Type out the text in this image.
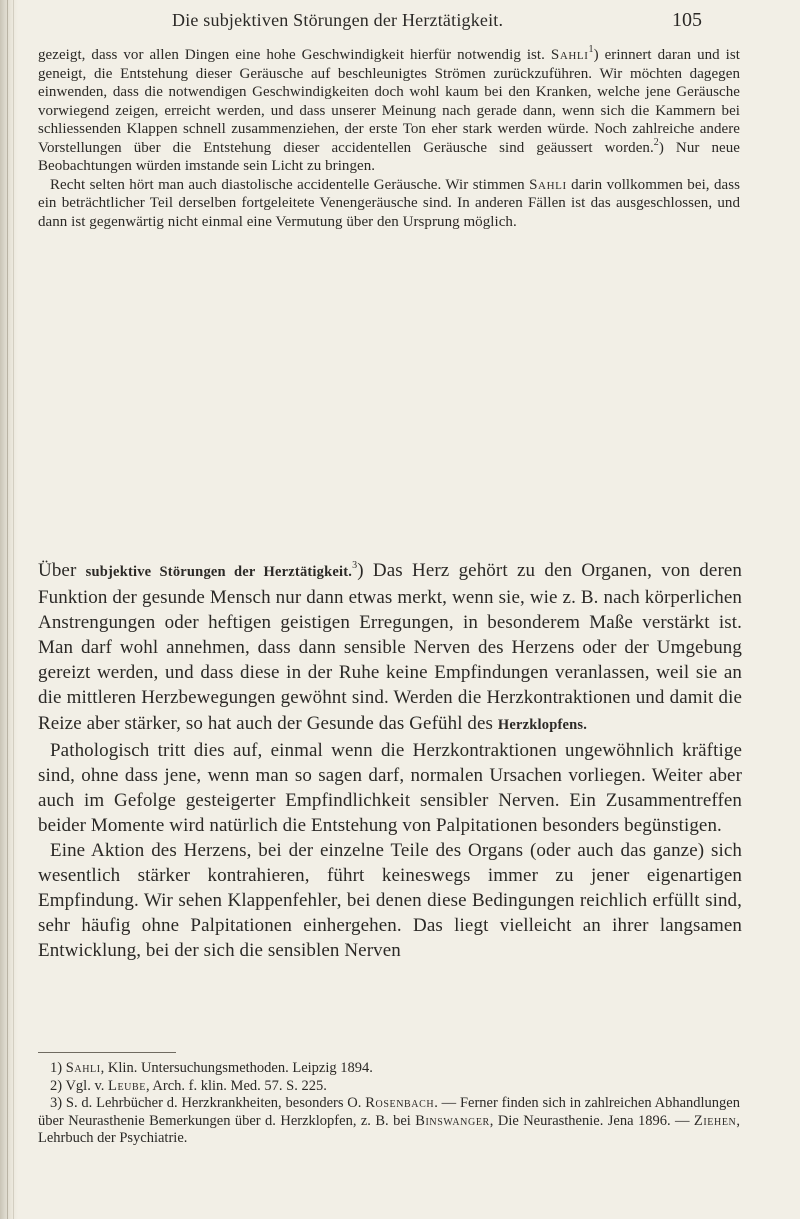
Die subjektiven Störungen der Herztätigkeit.	105

gezeigt, dass vor allen Dingen eine hohe Geschwindigkeit hierfür notwendig ist. Sahli$^1$) erinnert daran und ist geneigt, die Entstehung dieser Geräusche auf beschleunigtes Strömen zurückzuführen. Wir möchten dagegen einwenden, dass die notwendigen Geschwindigkeiten doch wohl kaum bei den Kranken, welche jene Geräusche vorwiegend zeigen, erreicht werden, und dass unserer Meinung nach gerade dann, wenn sich die Kammern bei schliessenden Klappen schnell zusammenziehen, der erste Ton eher stark werden würde. Noch zahlreiche andere Vorstellungen über die Entstehung dieser accidentellen Geräusche sind geäussert worden.$^2$) Nur neue Beobachtungen würden imstande sein Licht zu bringen.

Recht selten hört man auch diastolische accidentelle Geräusche. Wir stimmen Sahli darin vollkommen bei, dass ein beträchtlicher Teil derselben fortgeleitete Venengeräusche sind. In anderen Fällen ist das ausgeschlossen, und dann ist gegenwärtig nicht einmal eine Vermutung über den Ursprung möglich.

Über subjektive Störungen der Herztätigkeit.$^3$) Das Herz gehört zu den Organen, von deren Funktion der gesunde Mensch nur dann etwas merkt, wenn sie, wie z. B. nach körperlichen Anstrengungen oder heftigen geistigen Erregungen, in besonderem Maße verstärkt ist. Man darf wohl annehmen, dass dann sensible Nerven des Herzens oder der Umgebung gereizt werden, und dass diese in der Ruhe keine Empfindungen veranlassen, weil sie an die mittleren Herzbewegungen gewöhnt sind. Werden die Herzkontraktionen und damit die Reize aber stärker, so hat auch der Gesunde das Gefühl des Herzklopfens.

Pathologisch tritt dies auf, einmal wenn die Herzkontraktionen ungewöhnlich kräftige sind, ohne dass jene, wenn man so sagen darf, normalen Ursachen vorliegen. Weiter aber auch im Gefolge gesteigerter Empfindlichkeit sensibler Nerven. Ein Zusammentreffen beider Momente wird natürlich die Entstehung von Palpitationen besonders begünstigen.

Eine Aktion des Herzens, bei der einzelne Teile des Organs (oder auch das ganze) sich wesentlich stärker kontrahieren, führt keineswegs immer zu jener eigenartigen Empfindung. Wir sehen Klappenfehler, bei denen diese Bedingungen reichlich erfüllt sind, sehr häufig ohne Palpitationen einhergehen. Das liegt vielleicht an ihrer langsamen Entwicklung, bei der sich die sensiblen Nerven

1) Sahli, Klin. Untersuchungsmethoden. Leipzig 1894.

2) Vgl. v. Leube, Arch. f. klin. Med. 57. S. 225.

3) S. d. Lehrbücher d. Herzkrankheiten, besonders O. Rosenbach. — Ferner finden sich in zahlreichen Abhandlungen über Neurasthenie Bemerkungen über d. Herzklopfen, z. B. bei Binswanger, Die Neurasthenie. Jena 1896. — Ziehen, Lehrbuch der Psychiatrie.
